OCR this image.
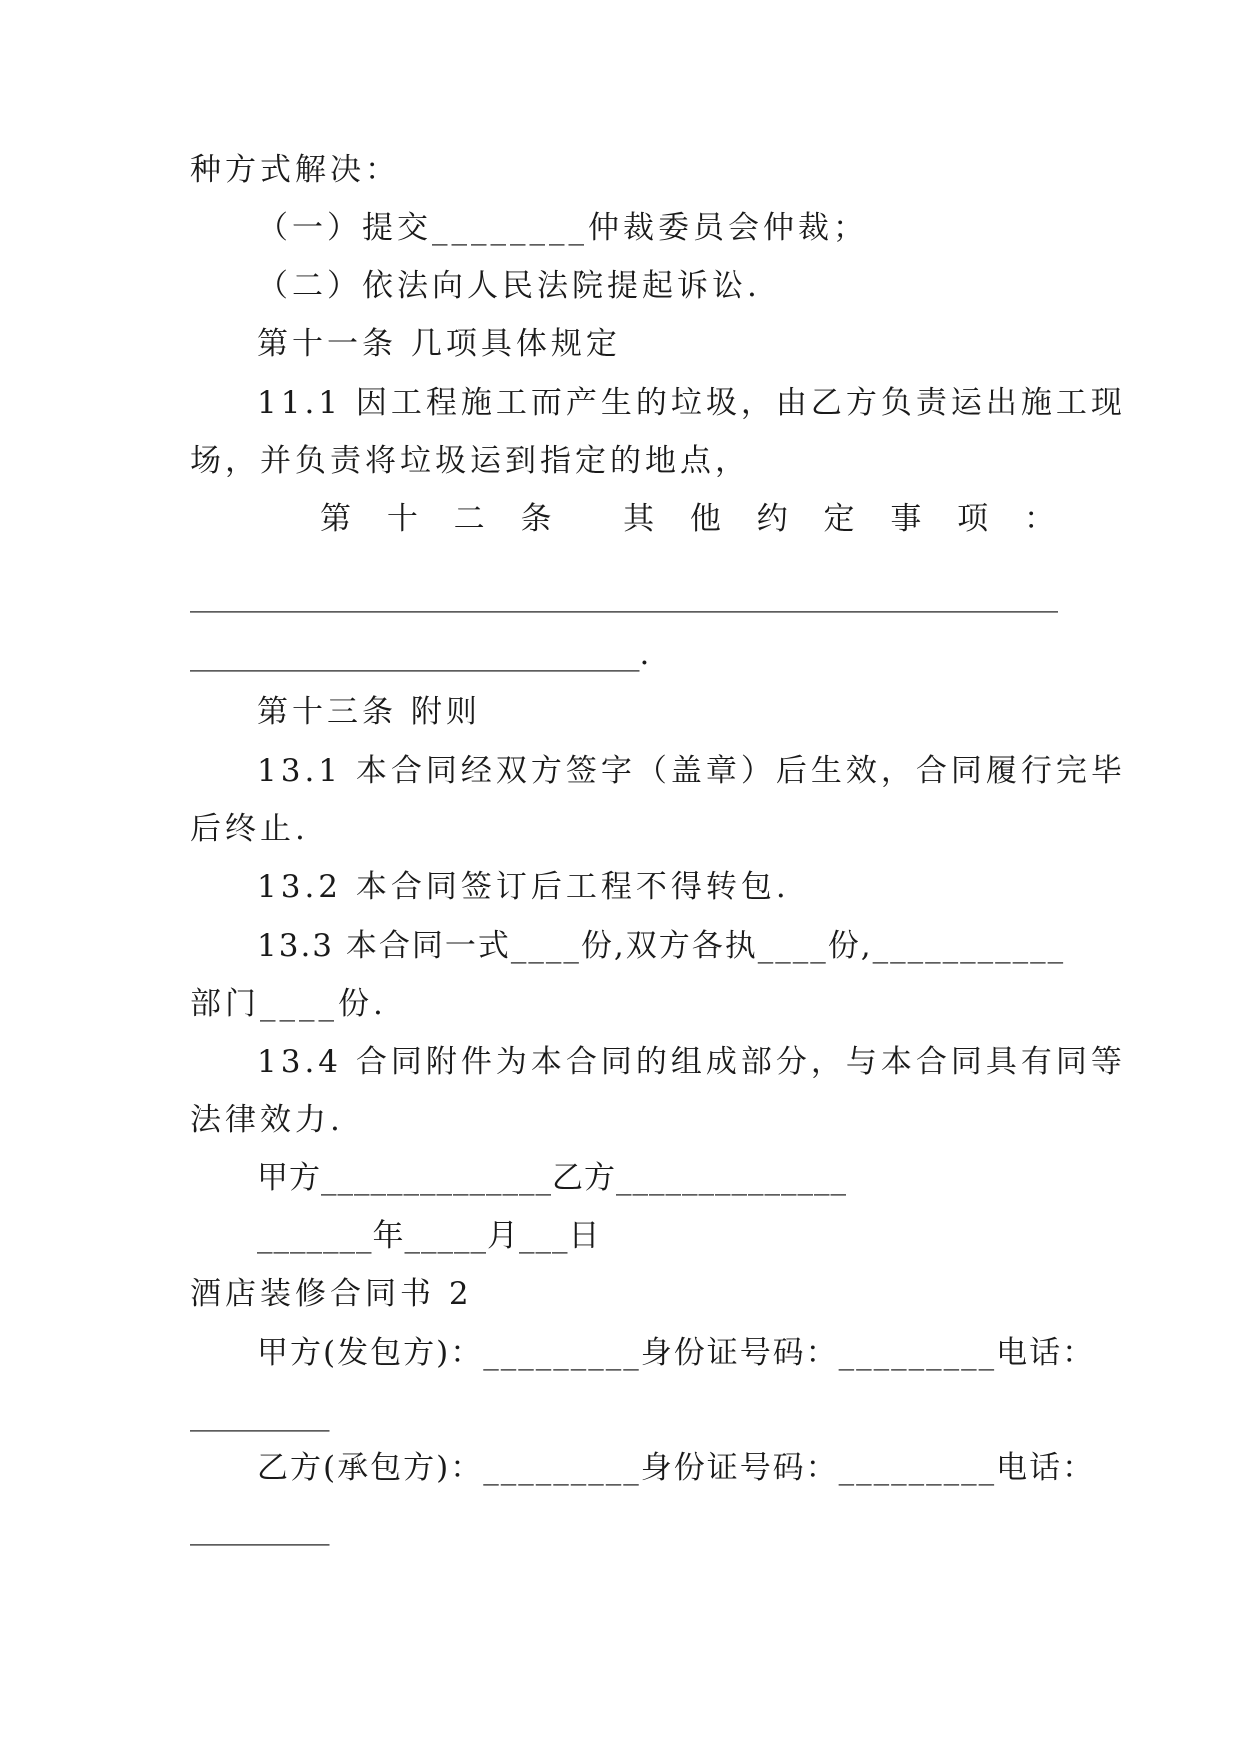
种方式解决：
（一）提交________仲裁委员会仲裁；
（二）依法向人民法院提起诉讼.
第十一条 几项具体规定
11.1 因工程施工而产生的垃圾，由乙方负责运出施工现
场，并负责将垃圾运到指定的地点，
第 十 二 条 其 他 约 定 事 项 ：
________________________________________________________
_____________________________.
第十三条 附则
13.1 本合同经双方签字（盖章）后生效，合同履行完毕
后终止.
13.2 本合同签订后工程不得转包.
13.3 本合同一式____份,双方各执____份,___________
部门____份.
13.4 合同附件为本合同的组成部分，与本合同具有同等
法律效力.
甲方______________乙方______________
_______年_____月___日
酒店装修合同书 2
甲方(发包方)：_________身份证号码：_________电话：
_________
乙方(承包方)：_________身份证号码：_________电话：
_________
